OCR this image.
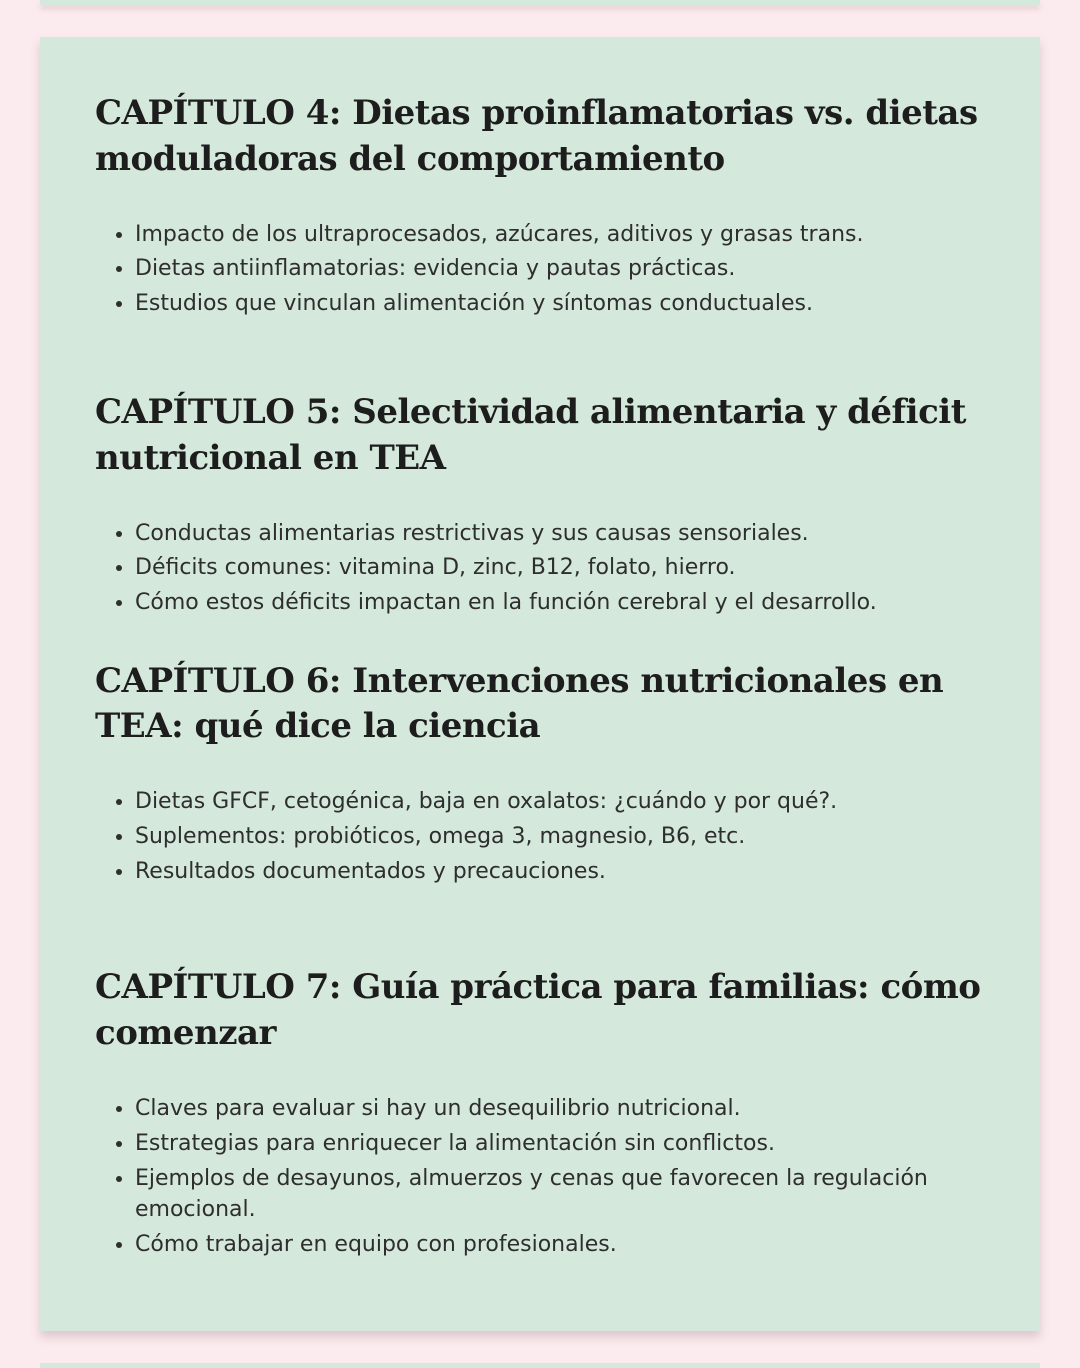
CAPÍTULO 4: Dietas proinflamatorias vs. dietas moduladoras del comportamiento
• Impacto de los ultraprocesados, azúcares, aditivos y grasas trans.
• Dietas antiinflamatorias: evidencia y pautas prácticas.
• Estudios que vinculan alimentación y síntomas conductuales.
CAPÍTULO 5: Selectividad alimentaria y déficit nutricional en TEA
• Conductas alimentarias restrictivas y sus causas sensoriales.
• Déficits comunes: vitamina D, zinc, B12, folato, hierro.
• Cómo estos déficits impactan en la función cerebral y el desarrollo.
CAPÍTULO 6: Intervenciones nutricionales en TEA: qué dice la ciencia
• Dietas GFCF, cetogénica, baja en oxalatos: ¿cuándo y por qué?.
• Suplementos: probióticos, omega 3, magnesio, B6, etc.
• Resultados documentados y precauciones.
CAPÍTULO 7: Guía práctica para familias: cómo comenzar
• Claves para evaluar si hay un desequilibrio nutricional.
• Estrategias para enriquecer la alimentación sin conflictos.
• Ejemplos de desayunos, almuerzos y cenas que favorecen la regulación emocional.
• Cómo trabajar en equipo con profesionales.
